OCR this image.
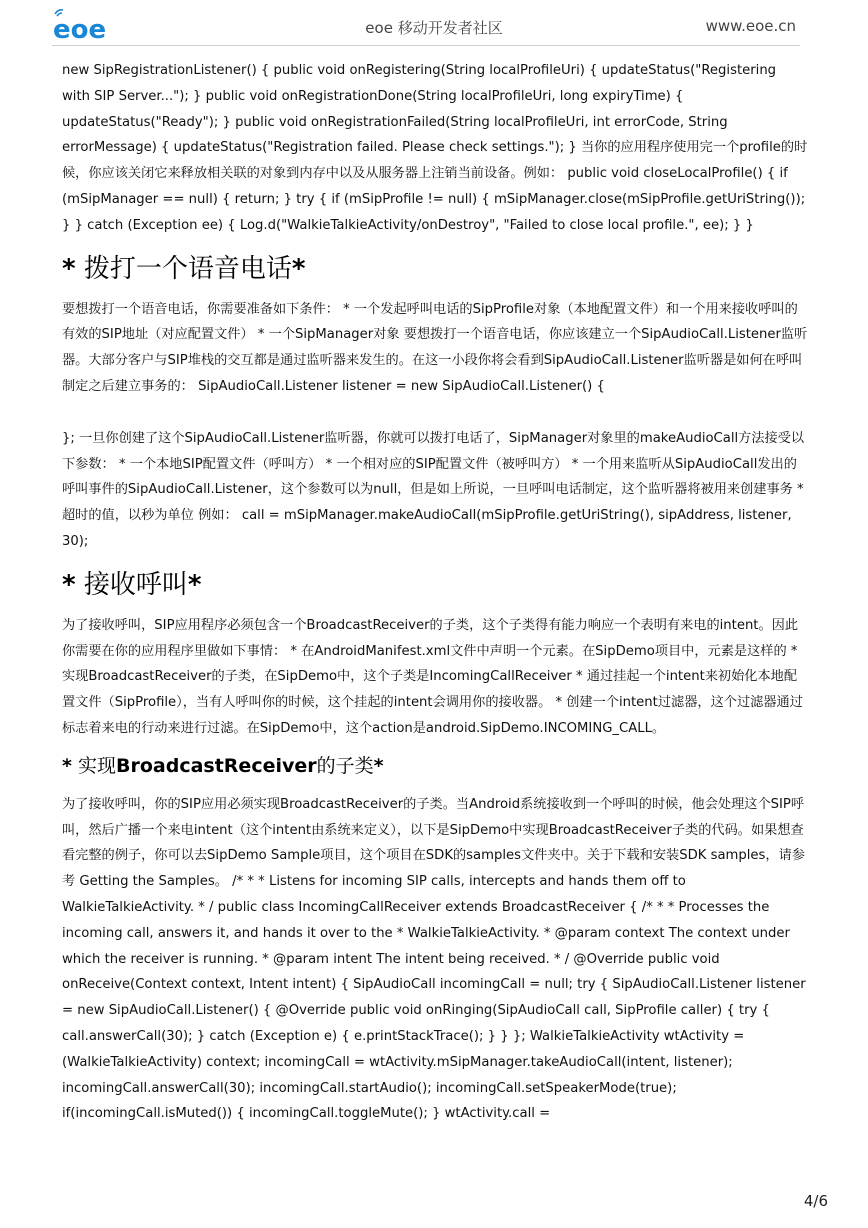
eoe	eoe 移动开发者社区	www.eoe.cn

new SipRegistrationListener() { public void onRegistering(String localProfileUri) { updateStatus("Registering with SIP Server..."); } public void onRegistrationDone(String localProfileUri, long expiryTime) { updateStatus("Ready"); } public void onRegistrationFailed(String localProfileUri, int errorCode, String errorMessage) { updateStatus("Registration failed. Please check settings."); } 当你的应用程序使用完一个profile的时候，你应该关闭它来释放相关联的对象到内存中以及从服务器上注销当前设备。例如： public void closeLocalProfile() { if (mSipManager == null) { return; } try { if (mSipProfile != null) { mSipManager.close(mSipProfile.getUriString()); } } catch (Exception ee) { Log.d("WalkieTalkieActivity/onDestroy", "Failed to close local profile.", ee); } }

* 拨打一个语音电话*

要想拨打一个语音电话，你需要准备如下条件： * 一个发起呼叫电话的SipProfile对象（本地配置文件）和一个用来接收呼叫的有效的SIP地址（对应配置文件） * 一个SipManager对象 要想拨打一个语音电话，你应该建立一个SipAudioCall.Listener监听器。大部分客户与SIP堆栈的交互都是通过监听器来发生的。在这一小段你将会看到SipAudioCall.Listener监听器是如何在呼叫制定之后建立事务的： SipAudioCall.Listener listener = new SipAudioCall.Listener() {

}; 一旦你创建了这个SipAudioCall.Listener监听器，你就可以拨打电话了，SipManager对象里的makeAudioCall方法接受以下参数： * 一个本地SIP配置文件（呼叫方） * 一个相对应的SIP配置文件（被呼叫方） * 一个用来监听从SipAudioCall发出的呼叫事件的SipAudioCall.Listener，这个参数可以为null，但是如上所说，一旦呼叫电话制定，这个监听器将被用来创建事务 * 超时的值，以秒为单位 例如： call = mSipManager.makeAudioCall(mSipProfile.getUriString(), sipAddress, listener, 30);

* 接收呼叫*

为了接收呼叫，SIP应用程序必须包含一个BroadcastReceiver的子类，这个子类得有能力响应一个表明有来电的intent。因此你需要在你的应用程序里做如下事情： * 在AndroidManifest.xml文件中声明一个元素。在SipDemo项目中，元素是这样的 * 实现BroadcastReceiver的子类，在SipDemo中，这个子类是IncomingCallReceiver * 通过挂起一个intent来初始化本地配置文件（SipProfile），当有人呼叫你的时候，这个挂起的intent会调用你的接收器。 * 创建一个intent过滤器，这个过滤器通过标志着来电的行动来进行过滤。在SipDemo中，这个action是android.SipDemo.INCOMING_CALL。

* 实现BroadcastReceiver的子类*

为了接收呼叫，你的SIP应用必须实现BroadcastReceiver的子类。当Android系统接收到一个呼叫的时候，他会处理这个SIP呼叫，然后广播一个来电intent（这个intent由系统来定义），以下是SipDemo中实现BroadcastReceiver子类的代码。如果想查看完整的例子，你可以去SipDemo Sample项目，这个项目在SDK的samples文件夹中。关于下载和安装SDK samples，请参考 Getting the Samples。 /* * * Listens for incoming SIP calls, intercepts and hands them off to WalkieTalkieActivity. * / public class IncomingCallReceiver extends BroadcastReceiver { /* * * Processes the incoming call, answers it, and hands it over to the * WalkieTalkieActivity. * @param context The context under which the receiver is running. * @param intent The intent being received. * / @Override public void onReceive(Context context, Intent intent) { SipAudioCall incomingCall = null; try { SipAudioCall.Listener listener = new SipAudioCall.Listener() { @Override public void onRinging(SipAudioCall call, SipProfile caller) { try { call.answerCall(30); } catch (Exception e) { e.printStackTrace(); } } }; WalkieTalkieActivity wtActivity = (WalkieTalkieActivity) context; incomingCall = wtActivity.mSipManager.takeAudioCall(intent, listener); incomingCall.answerCall(30); incomingCall.startAudio(); incomingCall.setSpeakerMode(true); if(incomingCall.isMuted()) { incomingCall.toggleMute(); } wtActivity.call =

4/6
